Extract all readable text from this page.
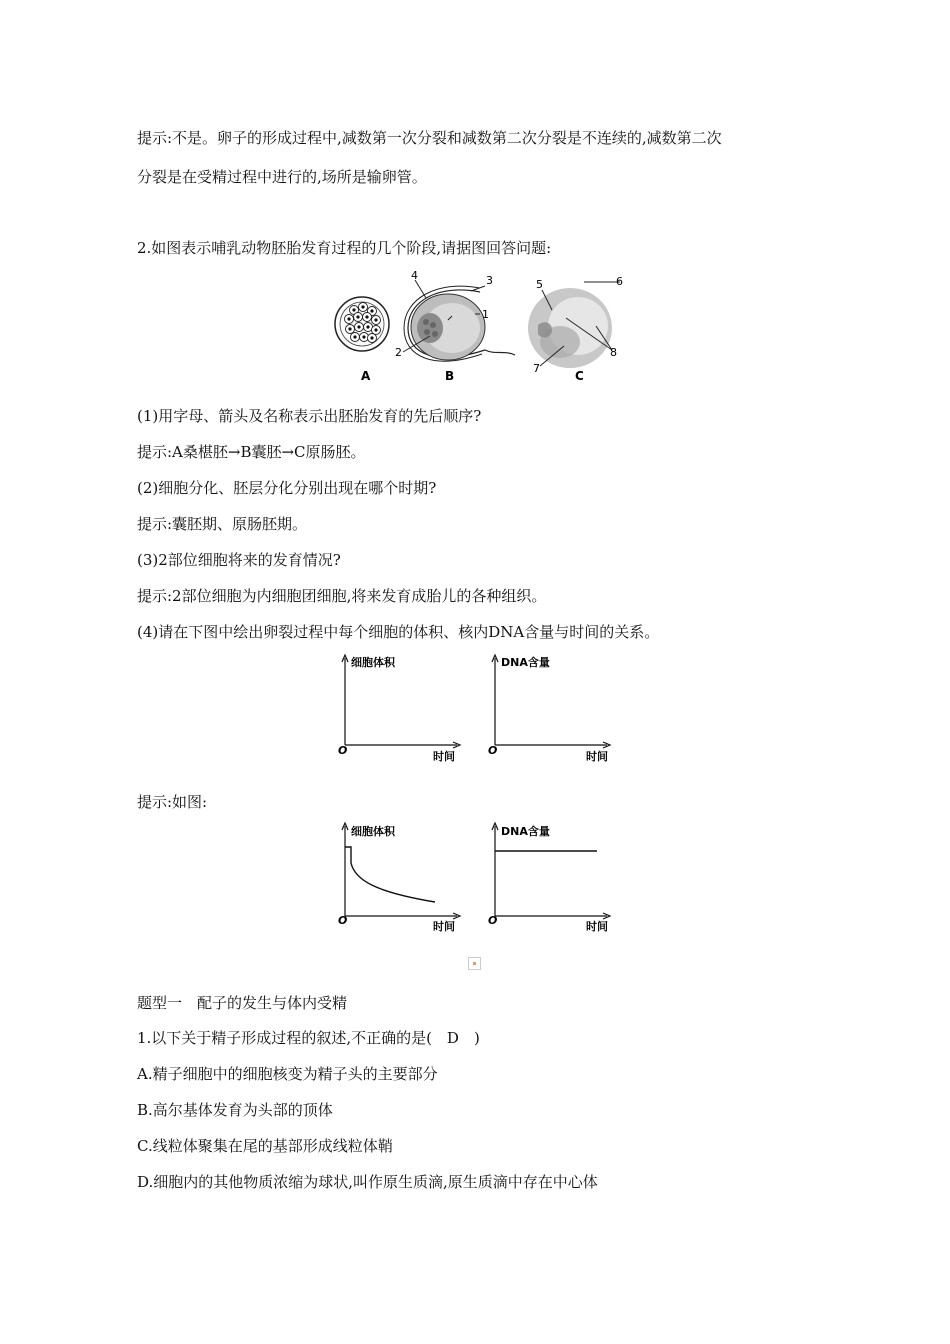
提示:不是。卵子的形成过程中,减数第一次分裂和减数第二次分裂是不连续的,减数第二次
分裂是在受精过程中进行的,场所是输卵管。
2.如图表示哺乳动物胚胎发育过程的几个阶段,请据图回答问题:
4	3
1
2
5	6
7
8
A	B	C
(1)用字母、箭头及名称表示出胚胎发育的先后顺序?
提示:A桑椹胚→B囊胚→C原肠胚。
(2)细胞分化、胚层分化分别出现在哪个时期?
提示:囊胚期、原肠胚期。
(3)2部位细胞将来的发育情况?
提示:2部位细胞为内细胞团细胞,将来发育成胎儿的各种组织。
(4)请在下图中绘出卵裂过程中每个细胞的体积、核内DNA含量与时间的关系。
细胞体积	DNA含量
时间	时间
O	O
提示:如图:
细胞体积	DNA含量
时间	时间
O	O
题型一　配子的发生与体内受精
1.以下关于精子形成过程的叙述,不正确的是(　D　)
A.精子细胞中的细胞核变为精子头的主要部分
B.高尔基体发育为头部的顶体
C.线粒体聚集在尾的基部形成线粒体鞘
D.细胞内的其他物质浓缩为球状,叫作原生质滴,原生质滴中存在中心体
